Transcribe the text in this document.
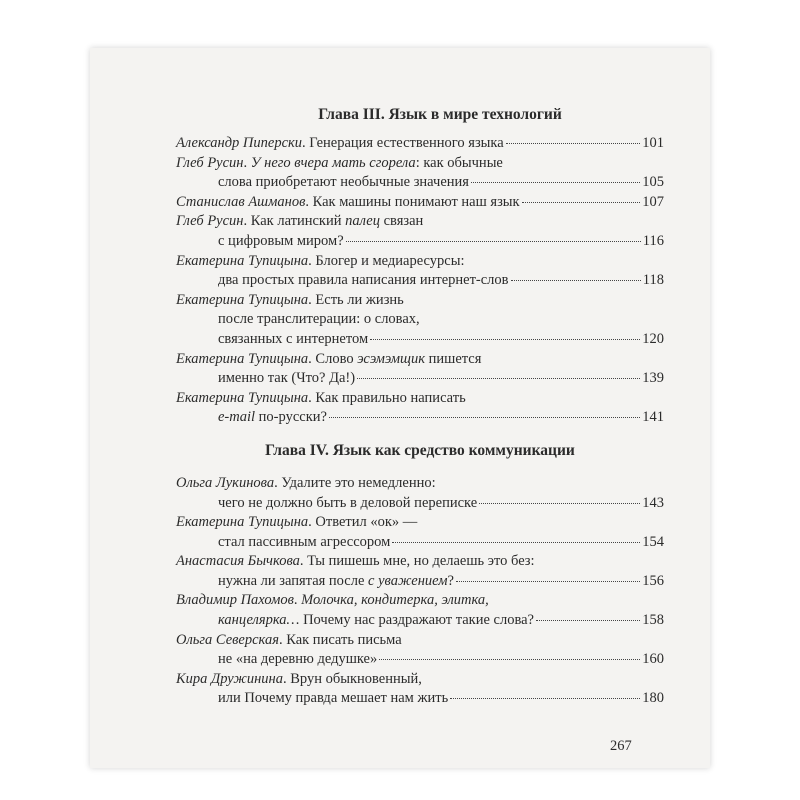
Глава III. Язык в мире технологий
Александр Пиперски. Генерация естественного языка	101
Глеб Русин. У него вчера мать сгорела: как обычные
слова приобретают необычные значения	105
Станислав Ашманов. Как машины понимают наш язык	107
Глеб Русин. Как латинский палец связан
с цифровым миром?	116
Екатерина Тупицына. Блогер и медиаресурсы:
два простых правила написания интернет-слов	118
Екатерина Тупицына. Есть ли жизнь
после транслитерации: о словах,
связанных с интернетом	120
Екатерина Тупицына. Слово эсэмэмщик пишется
именно так (Что? Да!)	139
Екатерина Тупицына. Как правильно написать
e-mail по-русски?	141
Глава IV. Язык как средство коммуникации
Ольга Лукинова. Удалите это немедленно:
чего не должно быть в деловой переписке	143
Екатерина Тупицына. Ответил «ок» —
стал пассивным агрессором	154
Анастасия Бычкова. Ты пишешь мне, но делаешь это без:
нужна ли запятая после с уважением?	156
Владимир Пахомов. Молочка, кондитерка, элитка,
канцелярка… Почему нас раздражают такие слова?	158
Ольга Северская. Как писать письма
не «на деревню дедушке»	160
Кира Дружинина. Врун обыкновенный,
или Почему правда мешает нам жить	180
267
